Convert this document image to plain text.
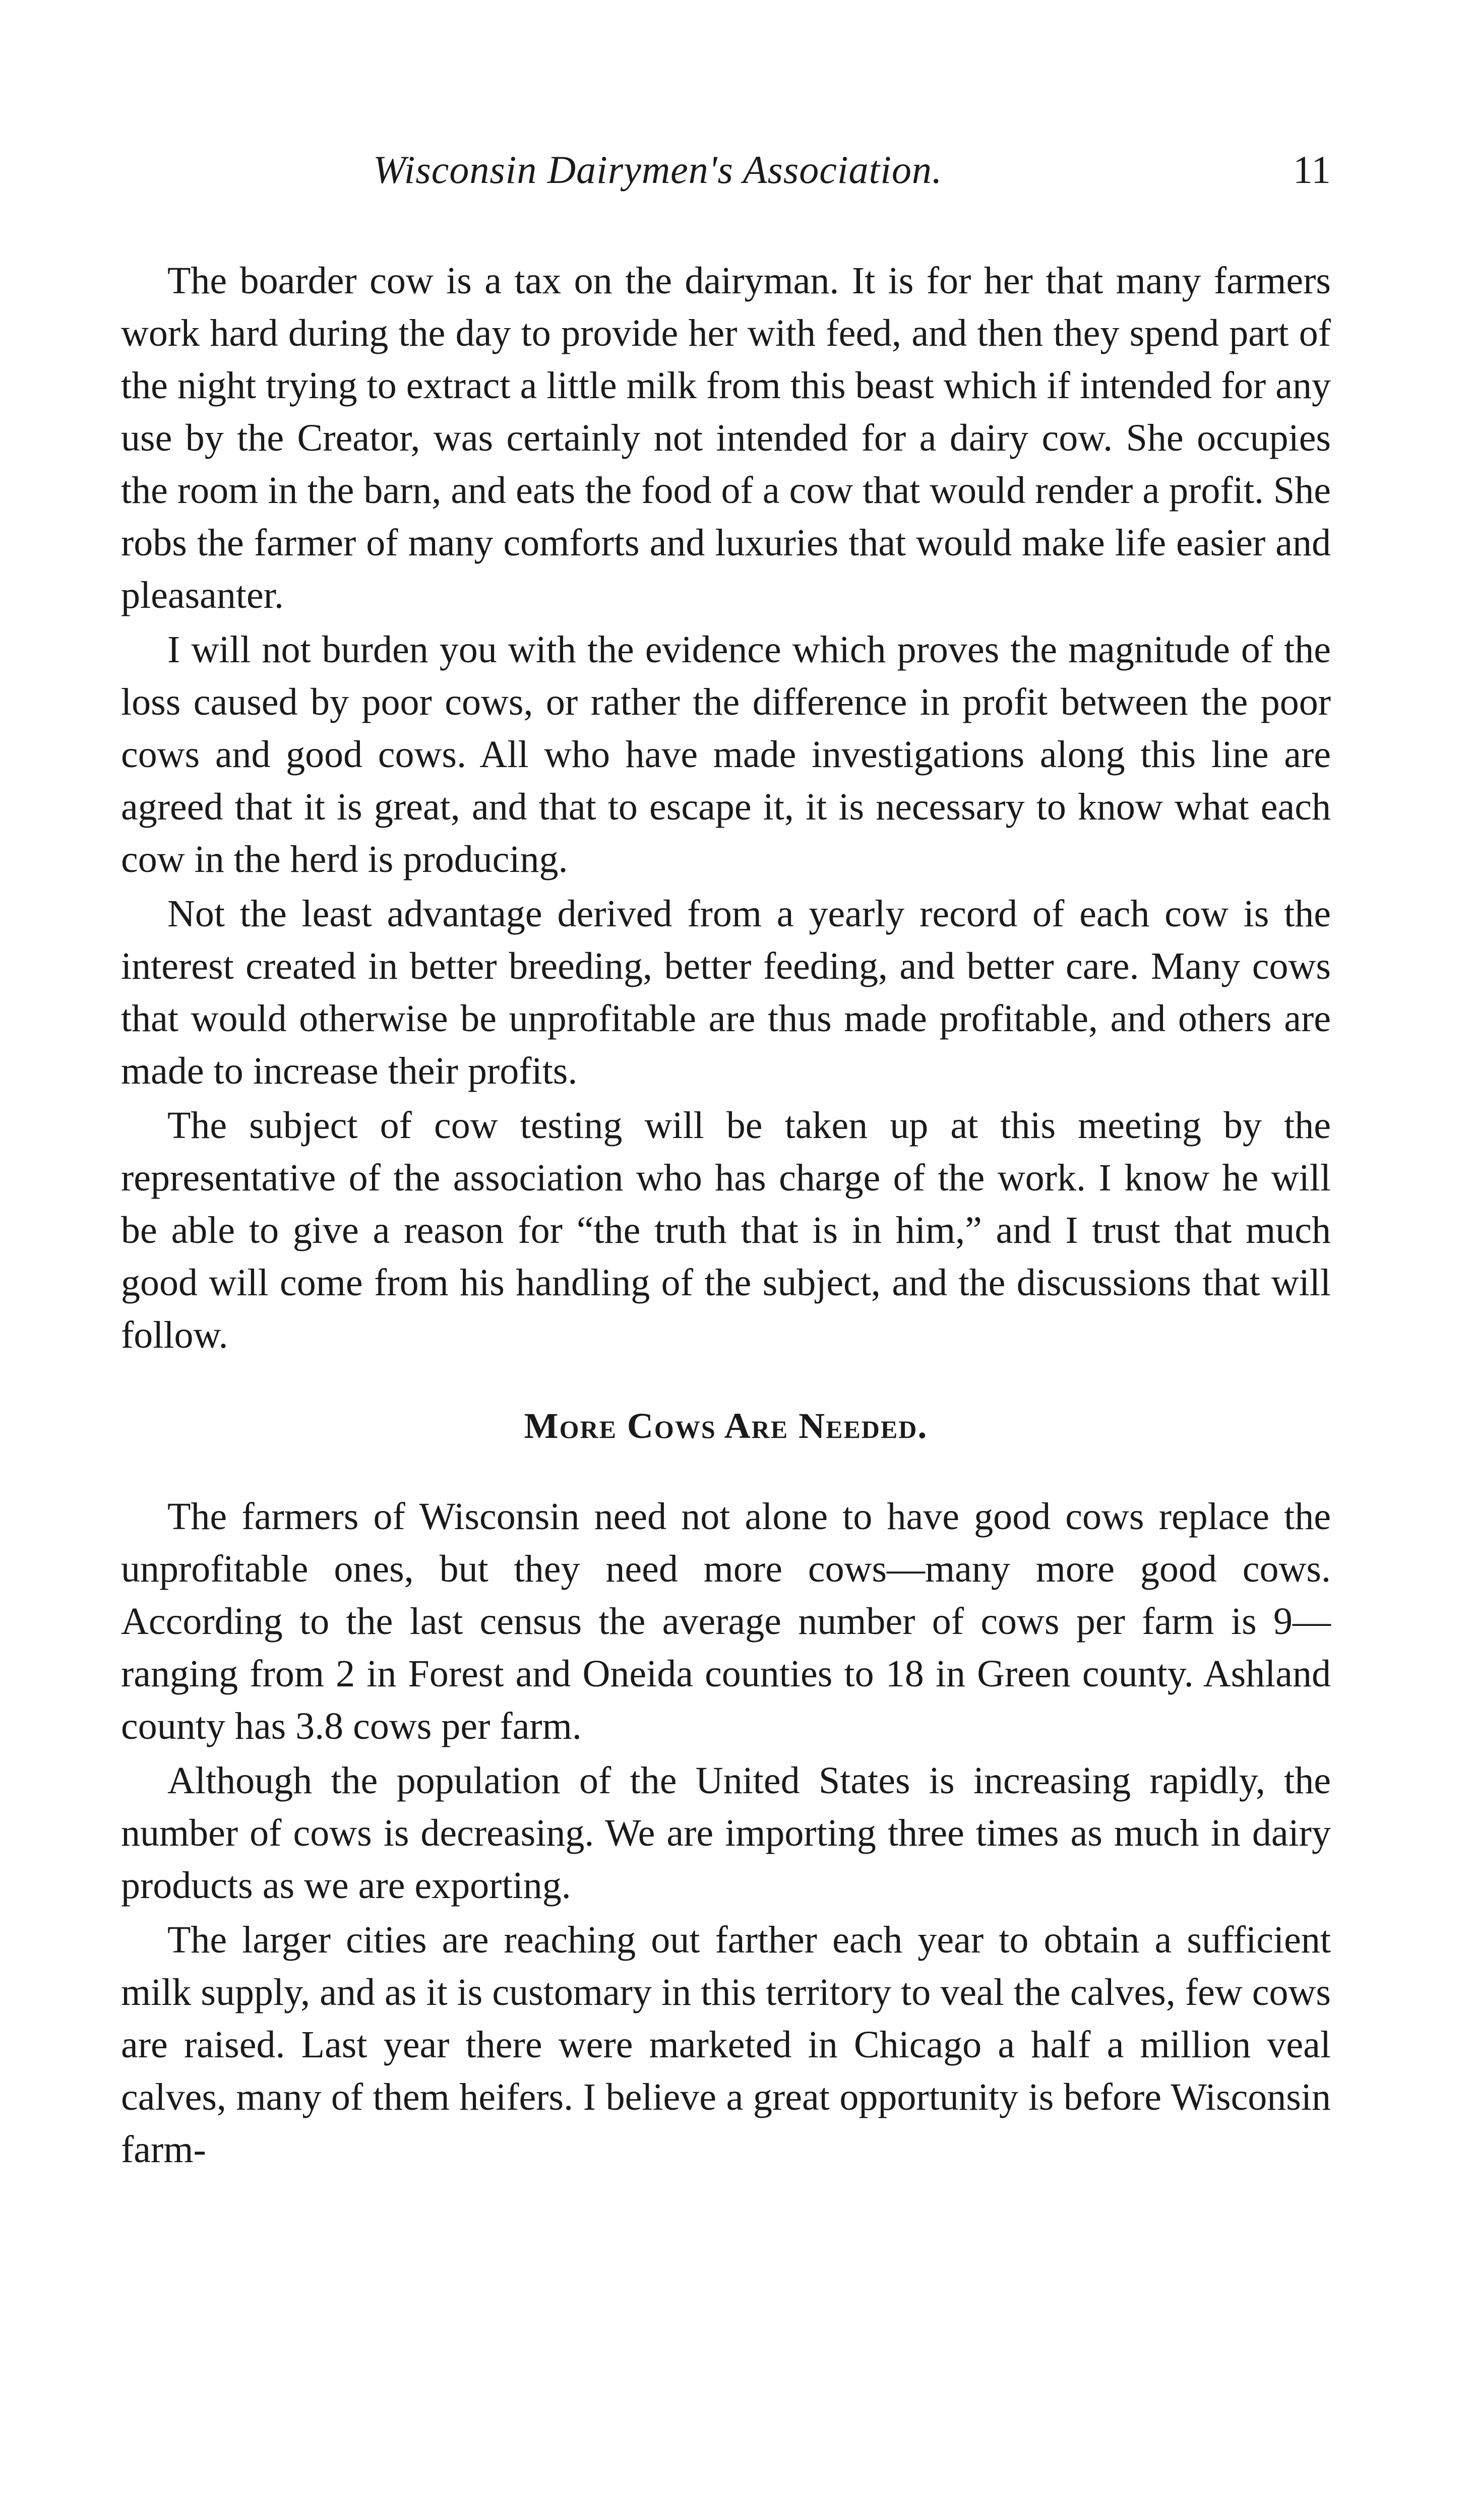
Wisconsin Dairymen's Association.	11

The boarder cow is a tax on the dairyman. It is for her that many farmers work hard during the day to provide her with feed, and then they spend part of the night trying to extract a little milk from this beast which if intended for any use by the Creator, was certainly not intended for a dairy cow. She occupies the room in the barn, and eats the food of a cow that would render a profit. She robs the farmer of many comforts and luxuries that would make life easier and pleasanter.

I will not burden you with the evidence which proves the magnitude of the loss caused by poor cows, or rather the difference in profit between the poor cows and good cows. All who have made investigations along this line are agreed that it is great, and that to escape it, it is necessary to know what each cow in the herd is producing.

Not the least advantage derived from a yearly record of each cow is the interest created in better breeding, better feeding, and better care. Many cows that would otherwise be unprofitable are thus made profitable, and others are made to increase their profits.

The subject of cow testing will be taken up at this meeting by the representative of the association who has charge of the work. I know he will be able to give a reason for “the truth that is in him,” and I trust that much good will come from his handling of the subject, and the discussions that will follow.

More Cows Are Needed.

The farmers of Wisconsin need not alone to have good cows replace the unprofitable ones, but they need more cows—many more good cows. According to the last census the average number of cows per farm is 9—ranging from 2 in Forest and Oneida counties to 18 in Green county. Ashland county has 3.8 cows per farm.

Although the population of the United States is increasing rapidly, the number of cows is decreasing. We are importing three times as much in dairy products as we are exporting.

The larger cities are reaching out farther each year to obtain a sufficient milk supply, and as it is customary in this territory to veal the calves, few cows are raised. Last year there were marketed in Chicago a half a million veal calves, many of them heifers. I believe a great opportunity is before Wisconsin farm-
